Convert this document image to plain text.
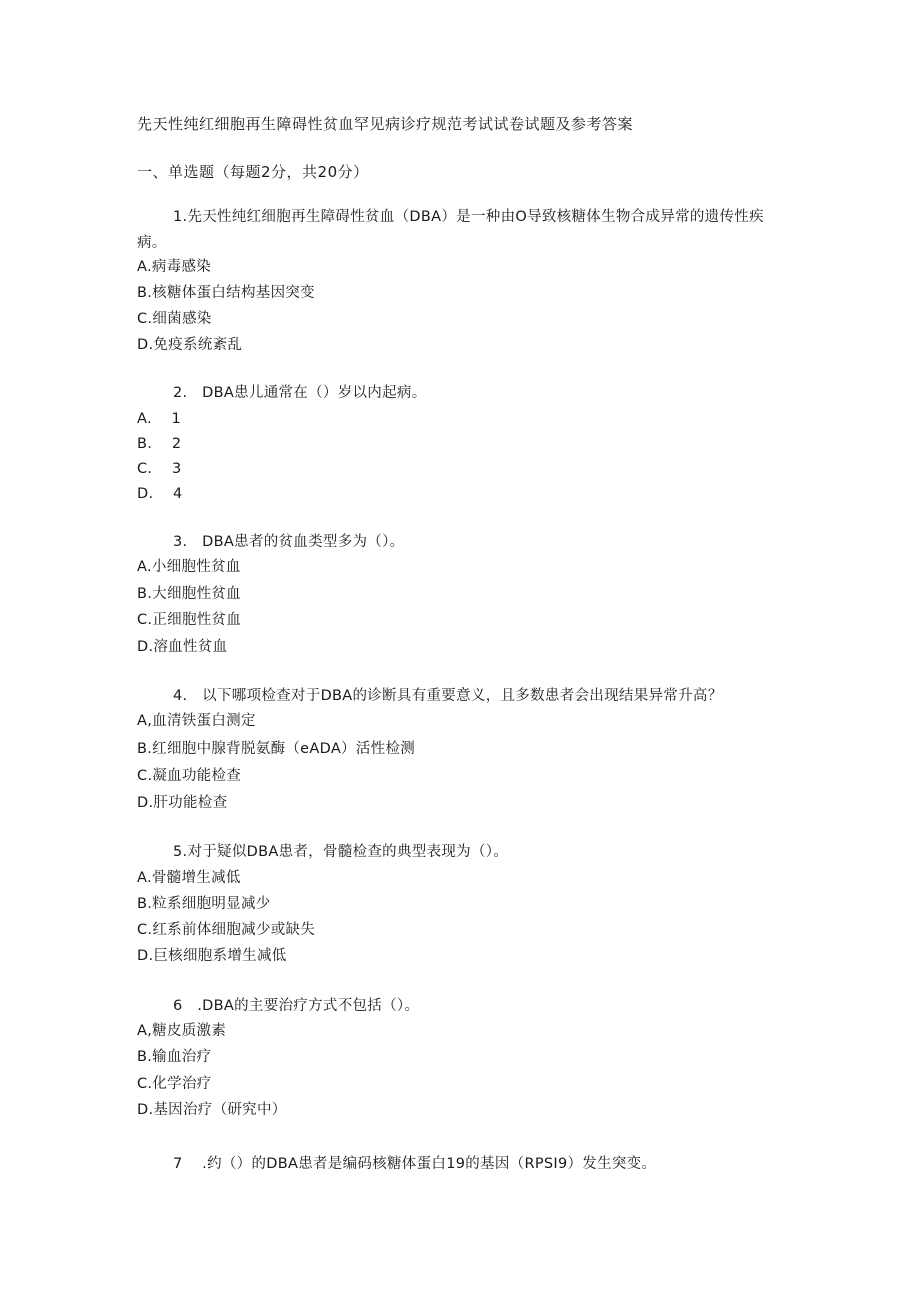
先天性纯红细胞再生障碍性贫血罕见病诊疗规范考试试卷试题及参考答案
一、单选题（每题2分，共20分）
1.先天性纯红细胞再生障碍性贫血（DBA）是一种由O导致核糖体生物合成异常的遗传性疾病。
A.病毒感染
B.核糖体蛋白结构基因突变
C.细菌感染
D.免疫系统紊乱
2. DBA患儿通常在（）岁以内起病。
A. 1
B. 2
C. 3
D. 4
3. DBA患者的贫血类型多为（）。
A.小细胞性贫血
B.大细胞性贫血
C.正细胞性贫血
D.溶血性贫血
4. 以下哪项检查对于DBA的诊断具有重要意义，且多数患者会出现结果异常升高？
A,血清铁蛋白测定
B.红细胞中腺背脱氨酶（eADA）活性检测
C.凝血功能检查
D.肝功能检查
5.对于疑似DBA患者，骨髓检查的典型表现为（）。
A.骨髓增生减低
B.粒系细胞明显减少
C.红系前体细胞减少或缺失
D.巨核细胞系增生减低
6 .DBA的主要治疗方式不包括（）。
A,糖皮质激素
B.输血治疗
C.化学治疗
D.基因治疗（研究中）
7 .约（）的DBA患者是编码核糖体蛋白19的基因（RPSI9）发生突变。
